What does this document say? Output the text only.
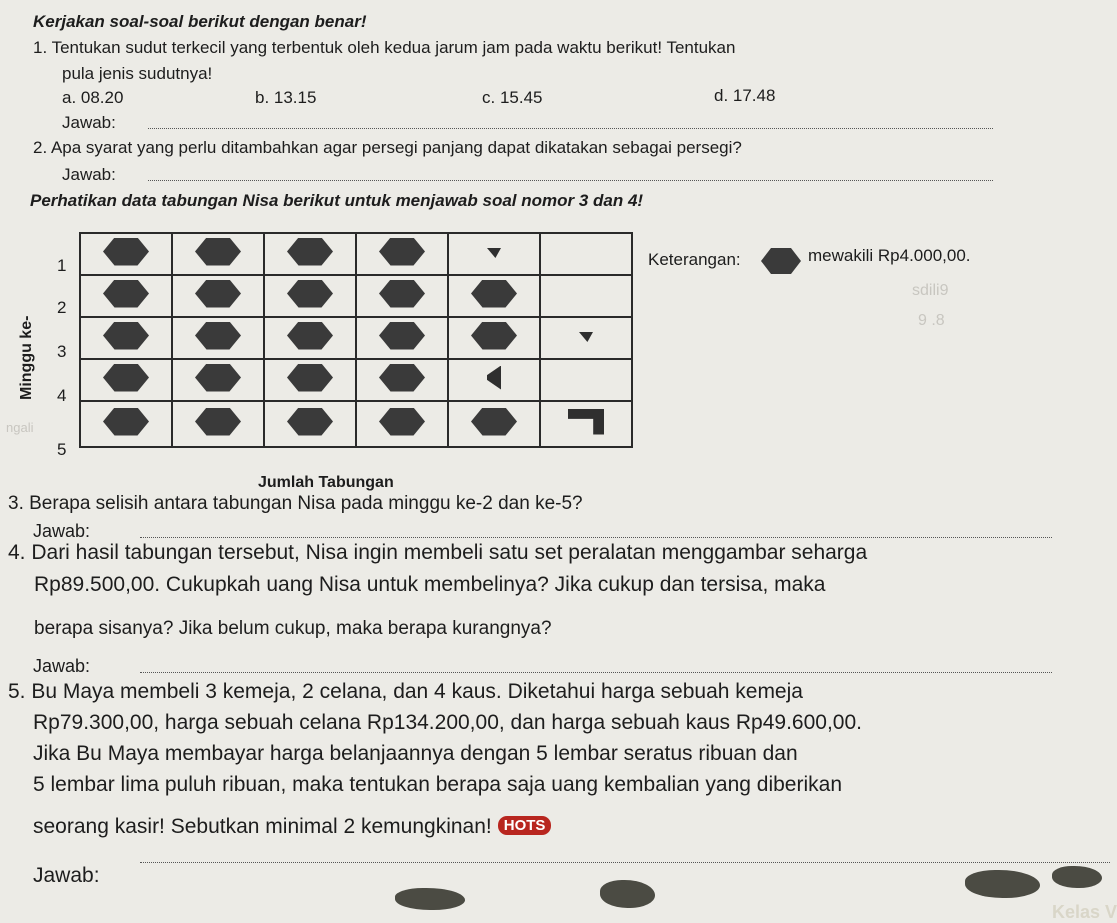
Kerjakan soal-soal berikut dengan benar!
1. Tentukan sudut terkecil yang terbentuk oleh kedua jarum jam pada waktu berikut! Tentukan
pula jenis sudutnya!
a. 08.20	b. 13.15	c. 15.45	d. 17.48
Jawab:
2. Apa syarat yang perlu ditambahkan agar persegi panjang dapat dikatakan sebagai persegi?
Jawab:
Perhatikan data tabungan Nisa berikut untuk menjawab soal nomor 3 dan 4!
Minggu ke-
1
2
3
4
5

Jumlah Tabungan
Keterangan:	mewakili Rp4.000,00.
sdili9
9 .8
ngali
3. Berapa selisih antara tabungan Nisa pada minggu ke-2 dan ke-5?
Jawab:
4. Dari hasil tabungan tersebut, Nisa ingin membeli satu set peralatan menggambar seharga
Rp89.500,00. Cukupkah uang Nisa untuk membelinya? Jika cukup dan tersisa, maka
berapa sisanya? Jika belum cukup, maka berapa kurangnya?
Jawab:
5. Bu Maya membeli 3 kemeja, 2 celana, dan 4 kaus. Diketahui harga sebuah kemeja
Rp79.300,00, harga sebuah celana Rp134.200,00, dan harga sebuah kaus Rp49.600,00.
Jika Bu Maya membayar harga belanjaannya dengan 5 lembar seratus ribuan dan
5 lembar lima puluh ribuan, maka tentukan berapa saja uang kembalian yang diberikan
seorang kasir! Sebutkan minimal 2 kemungkinan! HOTS
Jawab:
Kelas V
